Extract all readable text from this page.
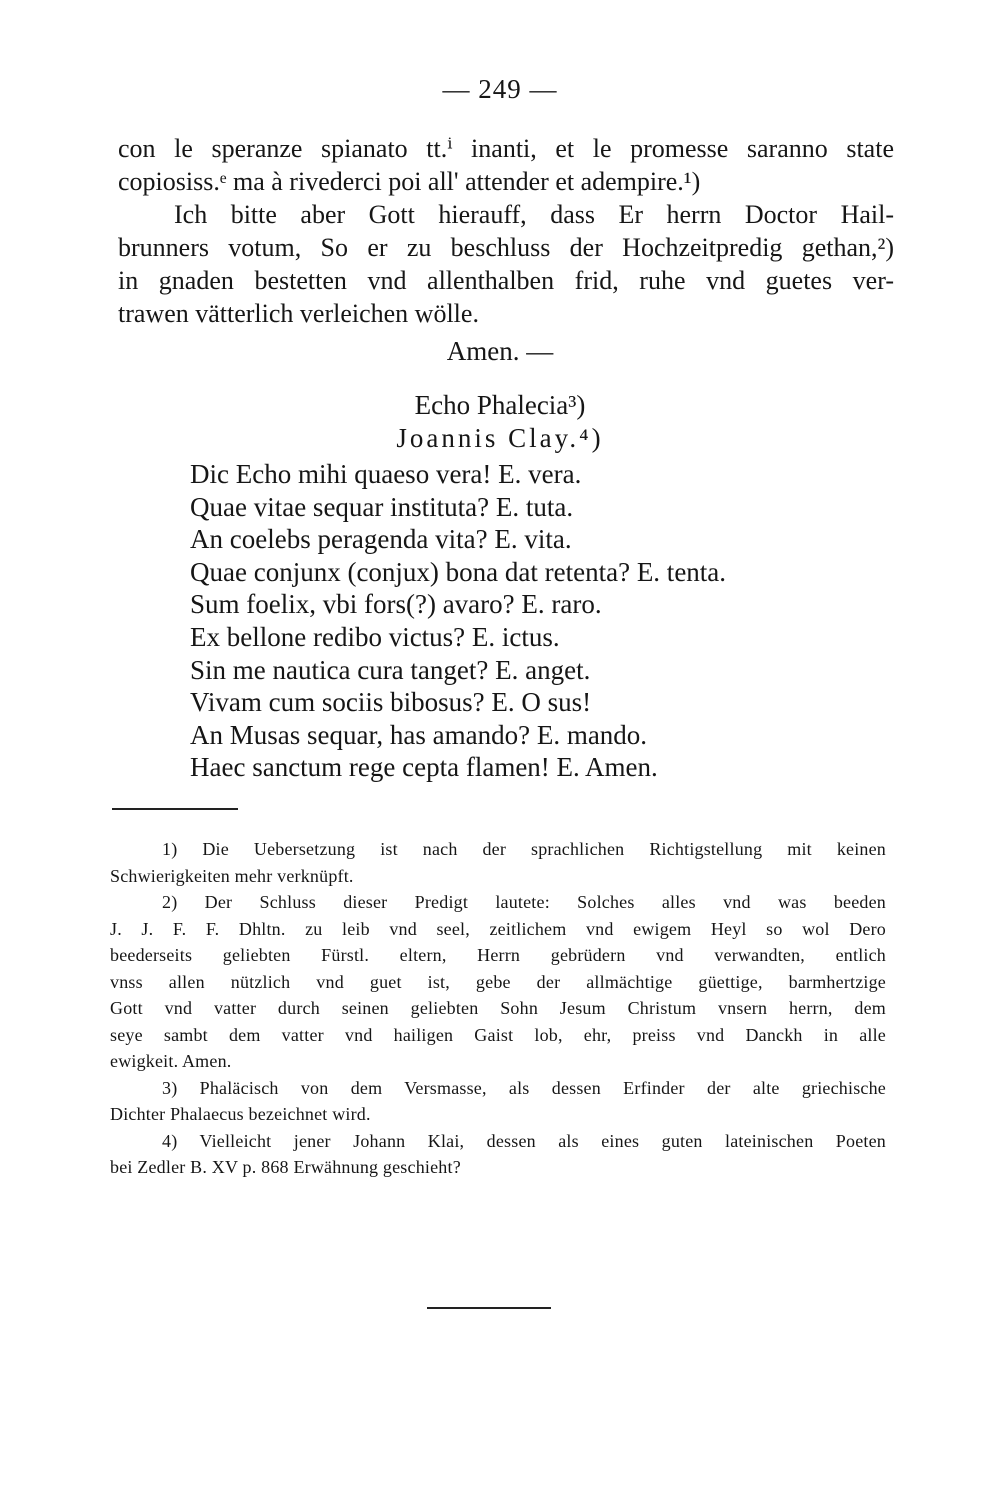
— 249 —
con le speranze spianato tt.ⁱ inanti, et le promesse saranno state
copiosiss.ᵉ ma à rivederci poi all' attender et adempire.¹)
Ich bitte aber Gott hierauff, dass Er herrn Doctor Hail-
brunners votum, So er zu beschluss der Hochzeitpredig gethan,²)
in gnaden bestetten vnd allenthalben frid, ruhe vnd guetes ver-
trawen vätterlich verleichen wölle.
Amen. —
Echo Phalecia³)
Joannis Clay.⁴)
Dic Echo mihi quaeso vera! E. vera.
Quae vitae sequar instituta? E. tuta.
An coelebs peragenda vita? E. vita.
Quae conjunx (conjux) bona dat retenta? E. tenta.
Sum foelix, vbi fors(?) avaro? E. raro.
Ex bellone redibo victus? E. ictus.
Sin me nautica cura tanget? E. anget.
Vivam cum sociis bibosus? E. O sus!
An Musas sequar, has amando? E. mando.
Haec sanctum rege cepta flamen! E. Amen.
1) Die Uebersetzung ist nach der sprachlichen Richtigstellung mit keinen
Schwierigkeiten mehr verknüpft.
2) Der Schluss dieser Predigt lautete: Solches alles vnd was beeden
J. J. F. F. Dhltn. zu leib vnd seel, zeitlichem vnd ewigem Heyl so wol Dero
beederseits geliebten Fürstl. eltern, Herrn gebrüdern vnd verwandten, entlich
vnss allen nützlich vnd guet ist, gebe der allmächtige güettige, barmhertzige
Gott vnd vatter durch seinen geliebten Sohn Jesum Christum vnsern herrn, dem
seye sambt dem vatter vnd hailigen Gaist lob, ehr, preiss vnd Danckh in alle
ewigkeit. Amen.
3) Phaläcisch von dem Versmasse, als dessen Erfinder der alte griechische
Dichter Phalaecus bezeichnet wird.
4) Vielleicht jener Johann Klai, dessen als eines guten lateinischen Poeten
bei Zedler B. XV p. 868 Erwähnung geschieht?
